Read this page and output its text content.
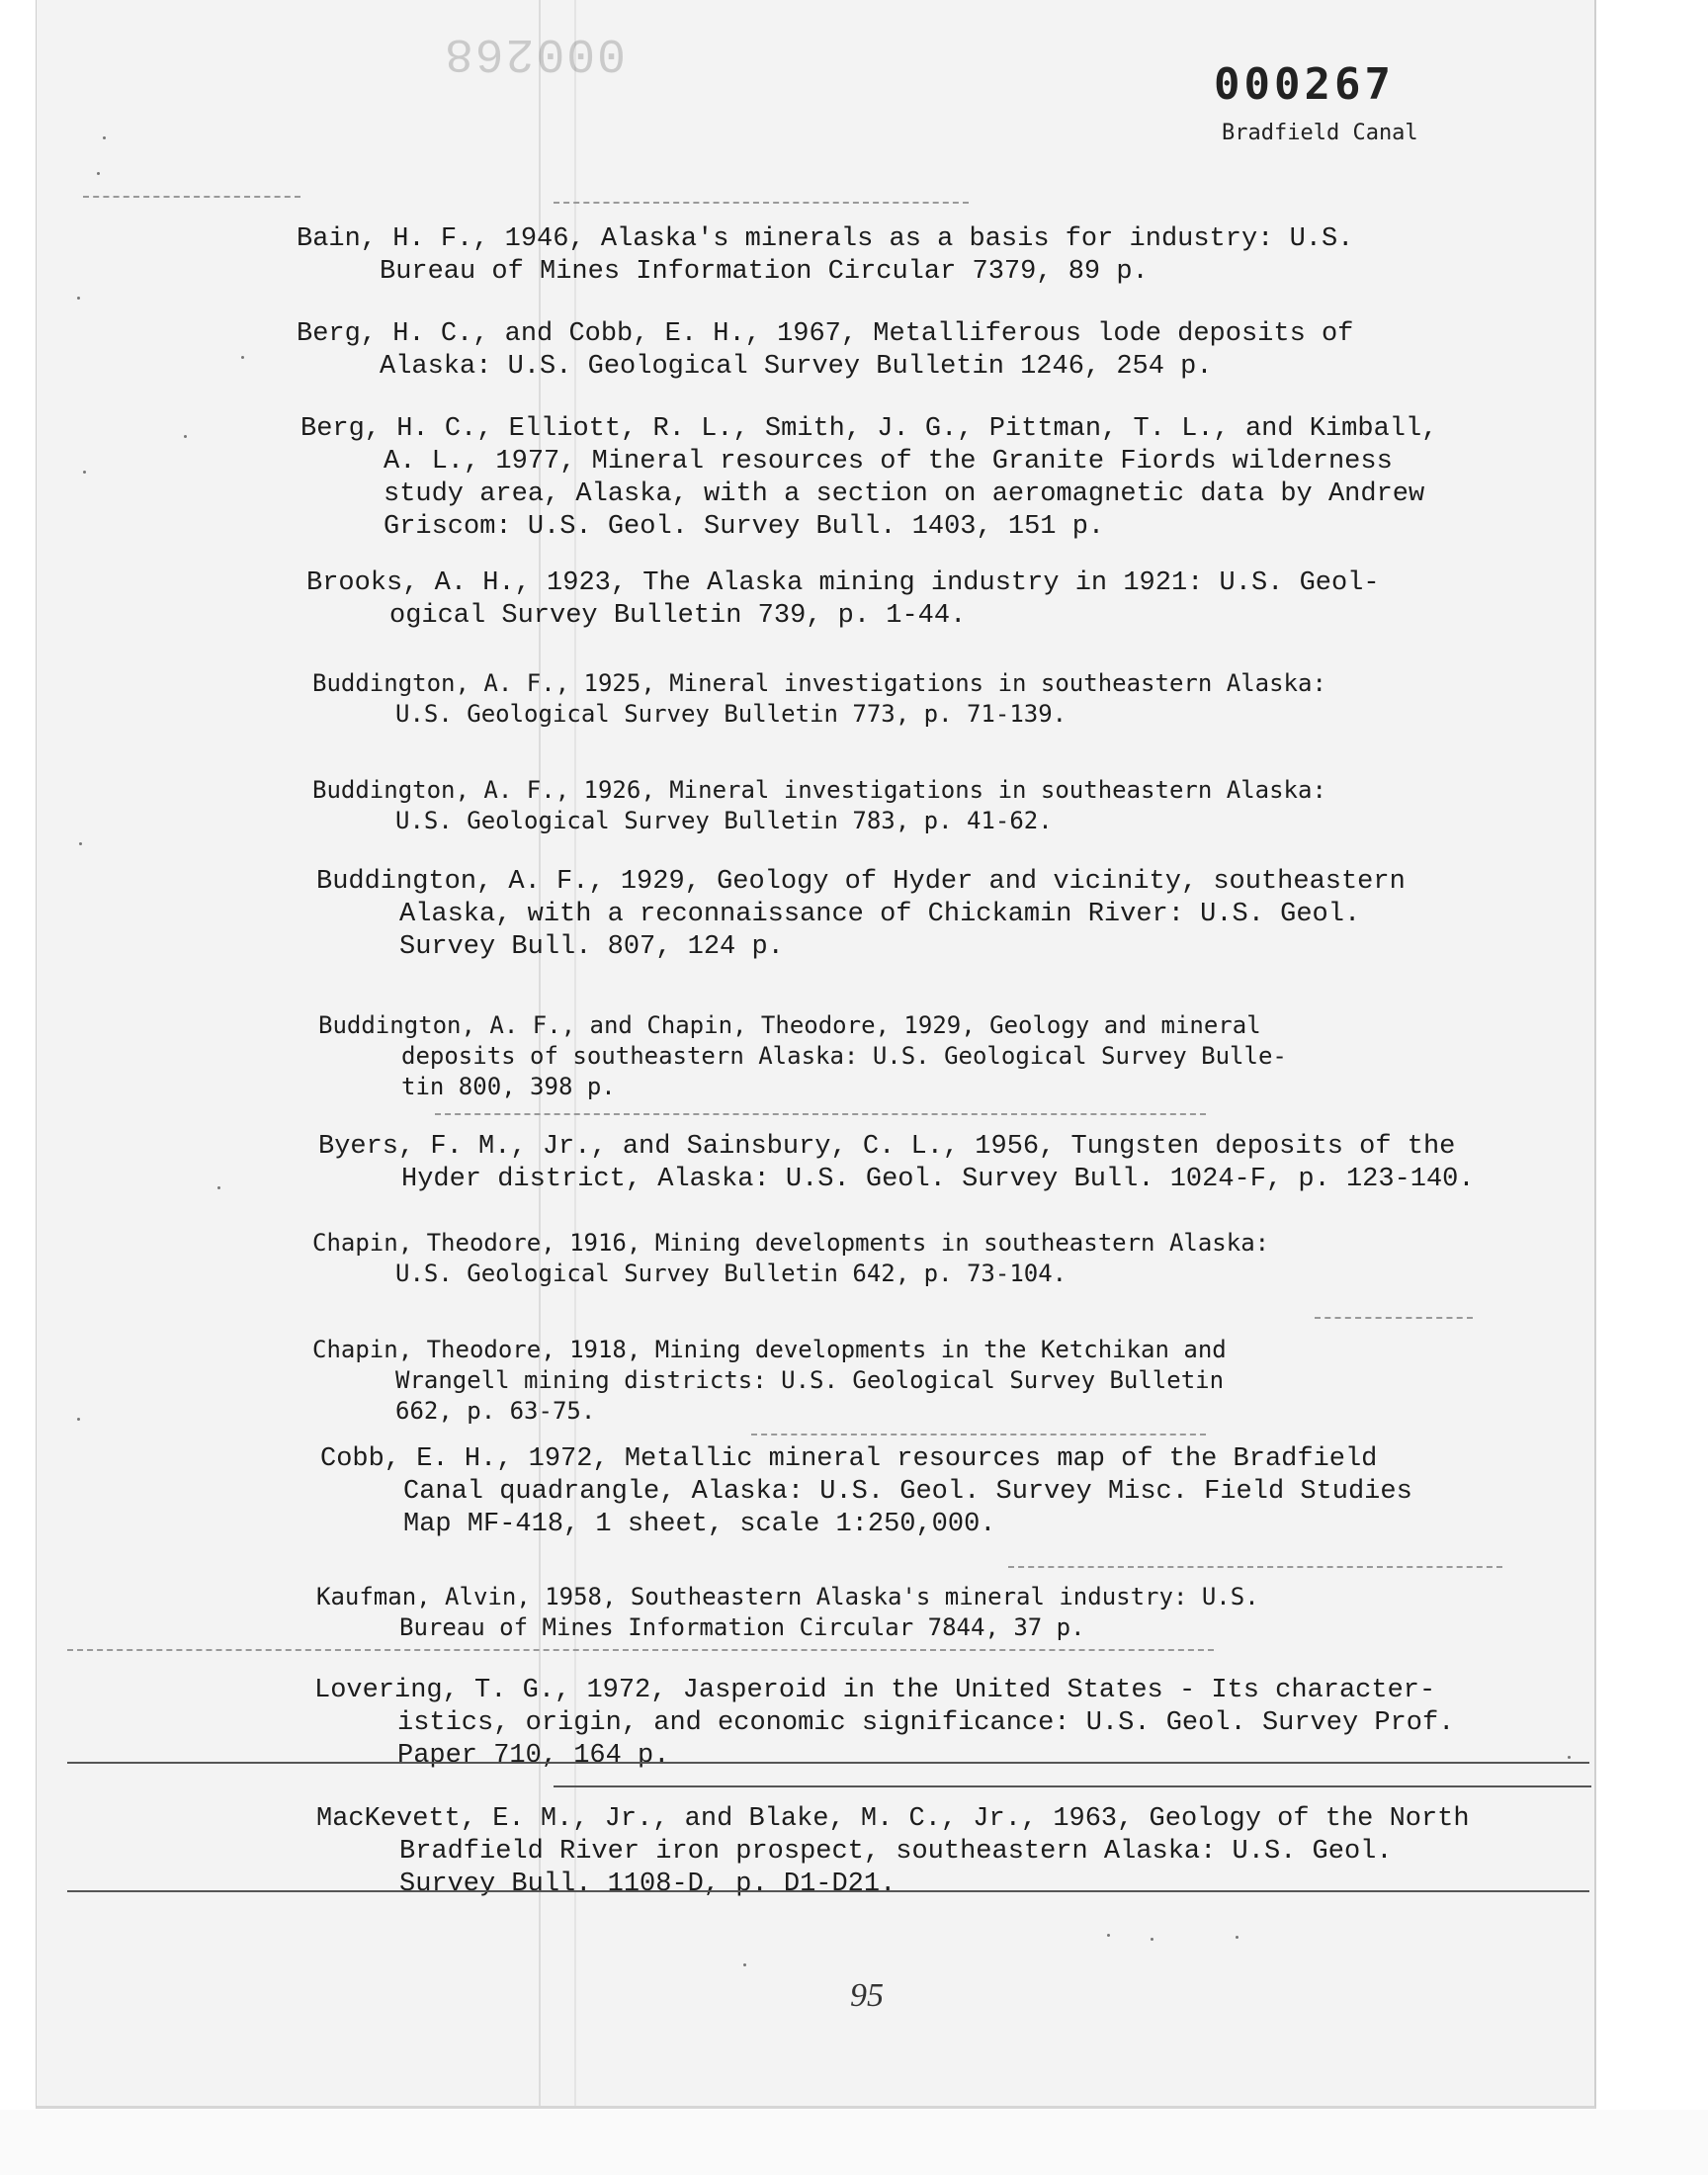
000268
000267
Bradfield Canal
Bain, H. F., 1946, Alaska's minerals as a basis for industry: U.S.
Bureau of Mines Information Circular 7379, 89 p.
Berg, H. C., and Cobb, E. H., 1967, Metalliferous lode deposits of
Alaska: U.S. Geological Survey Bulletin 1246, 254 p.
Berg, H. C., Elliott, R. L., Smith, J. G., Pittman, T. L., and Kimball,
A. L., 1977, Mineral resources of the Granite Fiords wilderness
study area, Alaska, with a section on aeromagnetic data by Andrew
Griscom: U.S. Geol. Survey Bull. 1403, 151 p.
Brooks, A. H., 1923, The Alaska mining industry in 1921: U.S. Geol-
ogical Survey Bulletin 739, p. 1-44.
Buddington, A. F., 1925, Mineral investigations in southeastern Alaska:
U.S. Geological Survey Bulletin 773, p. 71-139.
Buddington, A. F., 1926, Mineral investigations in southeastern Alaska:
U.S. Geological Survey Bulletin 783, p. 41-62.
Buddington, A. F., 1929, Geology of Hyder and vicinity, southeastern
Alaska, with a reconnaissance of Chickamin River: U.S. Geol.
Survey Bull. 807, 124 p.
Buddington, A. F., and Chapin, Theodore, 1929, Geology and mineral
deposits of southeastern Alaska: U.S. Geological Survey Bulle-
tin 800, 398 p.
Byers, F. M., Jr., and Sainsbury, C. L., 1956, Tungsten deposits of the
Hyder district, Alaska: U.S. Geol. Survey Bull. 1024-F, p. 123-140.
Chapin, Theodore, 1916, Mining developments in southeastern Alaska:
U.S. Geological Survey Bulletin 642, p. 73-104.
Chapin, Theodore, 1918, Mining developments in the Ketchikan and
Wrangell mining districts: U.S. Geological Survey Bulletin
662, p. 63-75.
Cobb, E. H., 1972, Metallic mineral resources map of the Bradfield
Canal quadrangle, Alaska: U.S. Geol. Survey Misc. Field Studies
Map MF-418, 1 sheet, scale 1:250,000.
Kaufman, Alvin, 1958, Southeastern Alaska's mineral industry: U.S.
Bureau of Mines Information Circular 7844, 37 p.
Lovering, T. G., 1972, Jasperoid in the United States - Its character-
istics, origin, and economic significance: U.S. Geol. Survey Prof.
Paper 710, 164 p.
MacKevett, E. M., Jr., and Blake, M. C., Jr., 1963, Geology of the North
Bradfield River iron prospect, southeastern Alaska: U.S. Geol.
Survey Bull. 1108-D, p. D1-D21.
95
